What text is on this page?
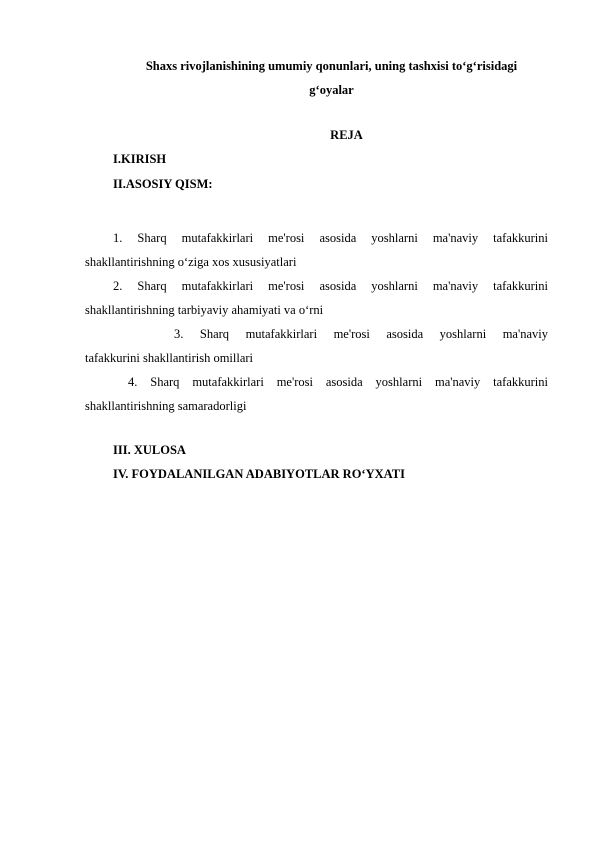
Shaxs rivojlanishining umumiy qonunlari, uning tashxisi to‘g‘risidagi
g‘oyalar
REJA
I.KIRISH
II.ASOSIY QISM:
1. Sharq mutafakkirlari me'rosi asosida yoshlarni ma'naviy tafakkurini
shakllantirishning o‘ziga xos xususiyatlari
2. Sharq mutafakkirlari me'rosi asosida yoshlarni ma'naviy tafakkurini
shakllantirishning tarbiyaviy ahamiyati va o‘rni
3. Sharq mutafakkirlari me'rosi asosida yoshlarni ma'naviy
tafakkurini shakllantirish omillari
4. Sharq mutafakkirlari me'rosi asosida yoshlarni ma'naviy tafakkurini
shakllantirishning samaradorligi
III. XULOSA
IV. FOYDALANILGAN ADABIYOTLAR RO‘YXATI
